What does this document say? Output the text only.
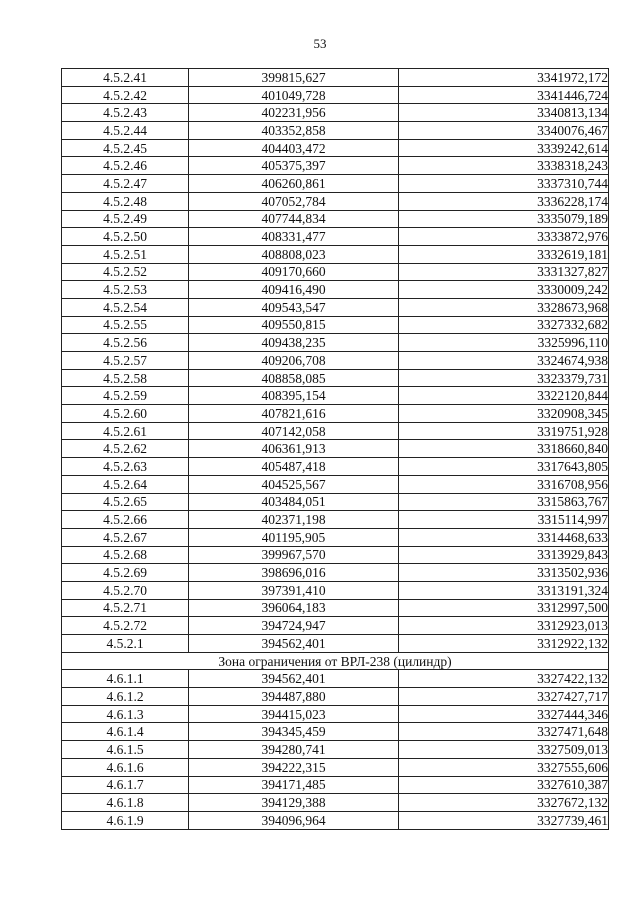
53
4.5.2.41	399815,627	3341972,172
4.5.2.42	401049,728	3341446,724
4.5.2.43	402231,956	3340813,134
4.5.2.44	403352,858	3340076,467
4.5.2.45	404403,472	3339242,614
4.5.2.46	405375,397	3338318,243
4.5.2.47	406260,861	3337310,744
4.5.2.48	407052,784	3336228,174
4.5.2.49	407744,834	3335079,189
4.5.2.50	408331,477	3333872,976
4.5.2.51	408808,023	3332619,181
4.5.2.52	409170,660	3331327,827
4.5.2.53	409416,490	3330009,242
4.5.2.54	409543,547	3328673,968
4.5.2.55	409550,815	3327332,682
4.5.2.56	409438,235	3325996,110
4.5.2.57	409206,708	3324674,938
4.5.2.58	408858,085	3323379,731
4.5.2.59	408395,154	3322120,844
4.5.2.60	407821,616	3320908,345
4.5.2.61	407142,058	3319751,928
4.5.2.62	406361,913	3318660,840
4.5.2.63	405487,418	3317643,805
4.5.2.64	404525,567	3316708,956
4.5.2.65	403484,051	3315863,767
4.5.2.66	402371,198	3315114,997
4.5.2.67	401195,905	3314468,633
4.5.2.68	399967,570	3313929,843
4.5.2.69	398696,016	3313502,936
4.5.2.70	397391,410	3313191,324
4.5.2.71	396064,183	3312997,500
4.5.2.72	394724,947	3312923,013
4.5.2.1	394562,401	3312922,132
Зона ограничения от ВРЛ-238 (цилиндр)		
4.6.1.1	394562,401	3327422,132
4.6.1.2	394487,880	3327427,717
4.6.1.3	394415,023	3327444,346
4.6.1.4	394345,459	3327471,648
4.6.1.5	394280,741	3327509,013
4.6.1.6	394222,315	3327555,606
4.6.1.7	394171,485	3327610,387
4.6.1.8	394129,388	3327672,132
4.6.1.9	394096,964	3327739,461
